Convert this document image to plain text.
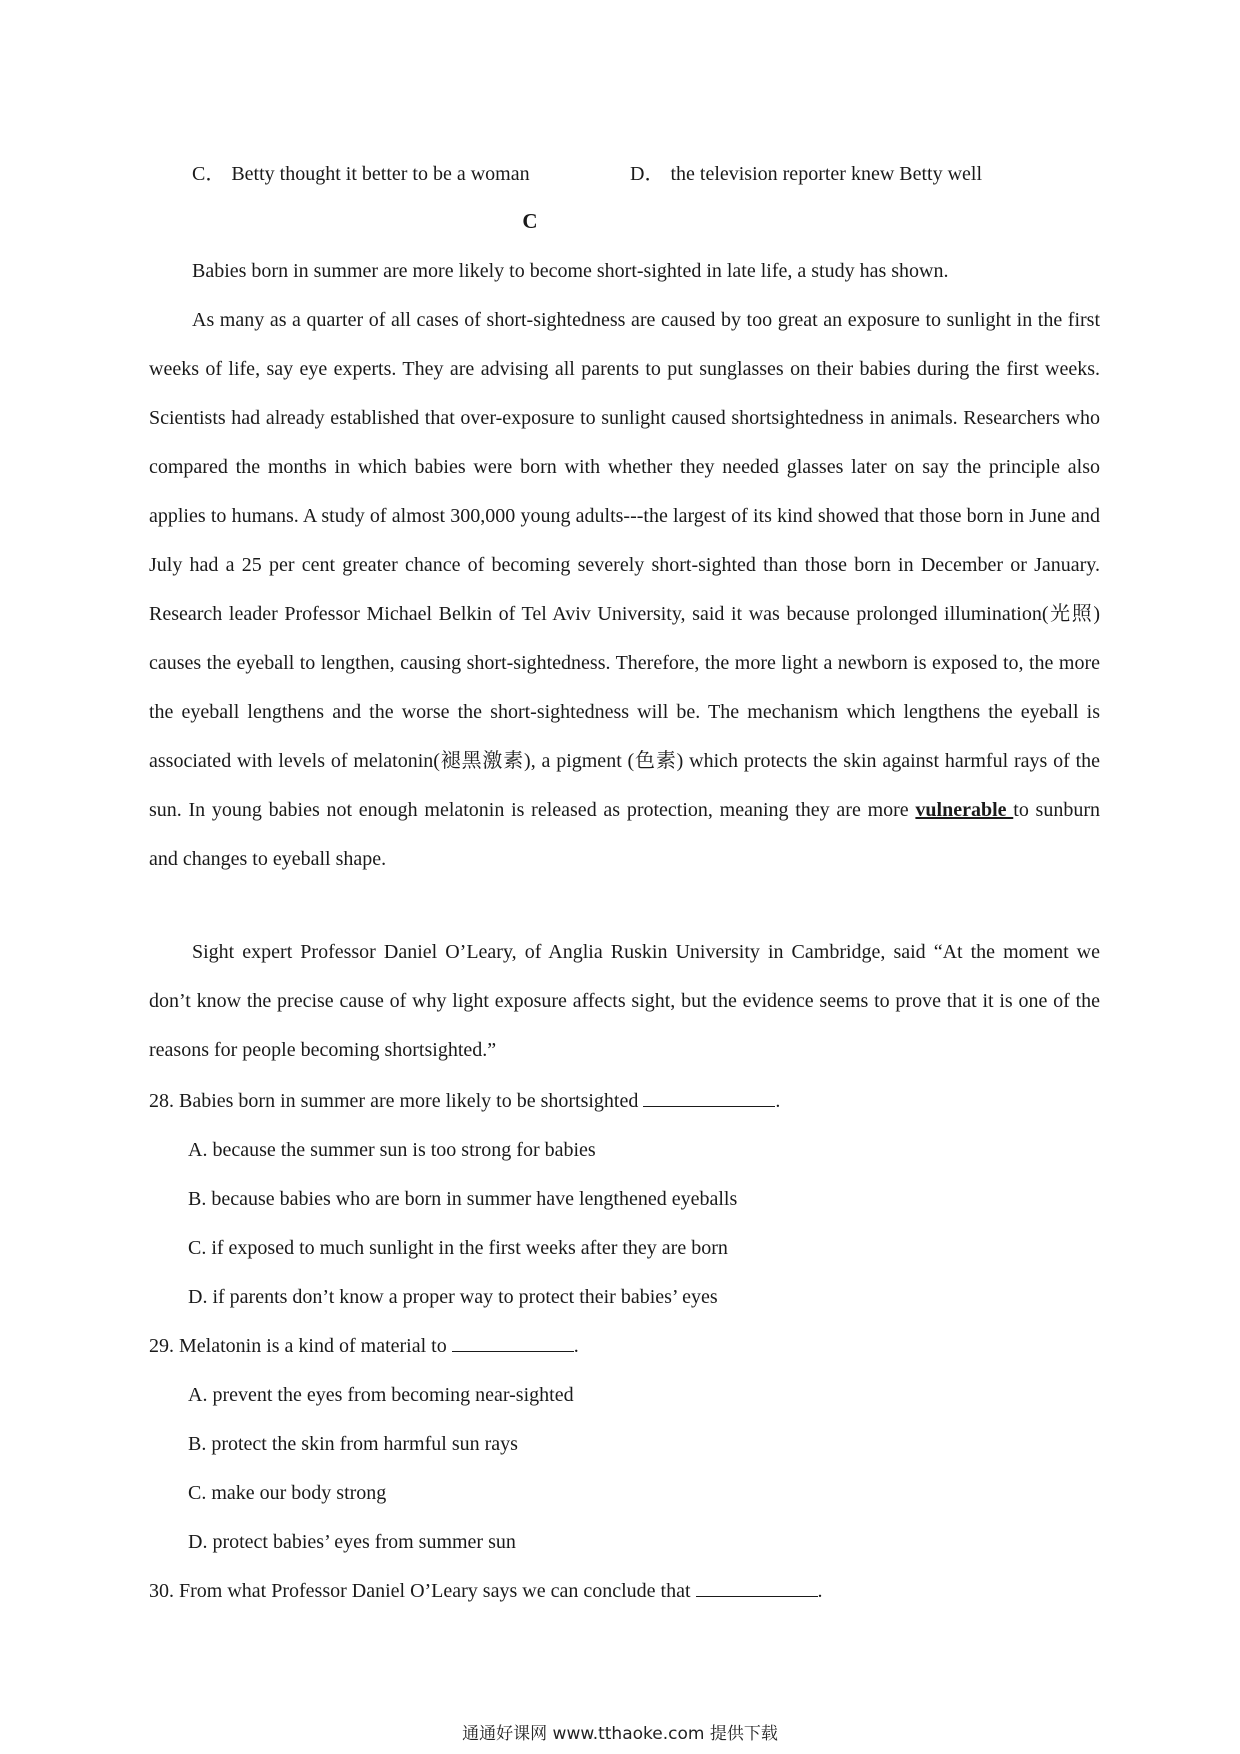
C． Betty thought it better to be a woman	D． the television reporter knew Betty well
C
Babies born in summer are more likely to become short-sighted in late life, a study has shown.
As many as a quarter of all cases of short-sightedness are caused by too great an exposure to sunlight in the first weeks of life, say eye experts. They are advising all parents to put sunglasses on their babies during the first weeks. Scientists had already established that over-exposure to sunlight caused shortsightedness in animals. Researchers who compared the months in which babies were born with whether they needed glasses later on say the principle also applies to humans. A study of almost 300,000 young adults---the largest of its kind showed that those born in June and July had a 25 per cent greater chance of becoming severely short-sighted than those born in December or January. Research leader Professor Michael Belkin of Tel Aviv University, said it was because prolonged illumination(光照) causes the eyeball to lengthen, causing short-sightedness. Therefore, the more light a newborn is exposed to, the more the eyeball lengthens and the worse the short-sightedness will be. The mechanism which lengthens the eyeball is associated with levels of melatonin(褪黑激素), a pigment (色素) which protects the skin against harmful rays of the sun. In young babies not enough melatonin is released as protection, meaning they are more vulnerable to sunburn and changes to eyeball shape.
Sight expert Professor Daniel O’Leary, of Anglia Ruskin University in Cambridge, said “At the moment we don’t know the precise cause of why light exposure affects sight, but the evidence seems to prove that it is one of the reasons for people becoming shortsighted.”
28. Babies born in summer are more likely to be shortsighted	.
A. because the summer sun is too strong for babies
B. because babies who are born in summer have lengthened eyeballs
C. if exposed to much sunlight in the first weeks after they are born
D. if parents don’t know a proper way to protect their babies’ eyes
29. Melatonin is a kind of material to	.
A. prevent the eyes from becoming near-sighted
B. protect the skin from harmful sun rays
C. make our body strong
D. protect babies’ eyes from summer sun
30. From what Professor Daniel O’Leary says we can conclude that	.
通通好课网 www.tthaoke.com 提供下载
